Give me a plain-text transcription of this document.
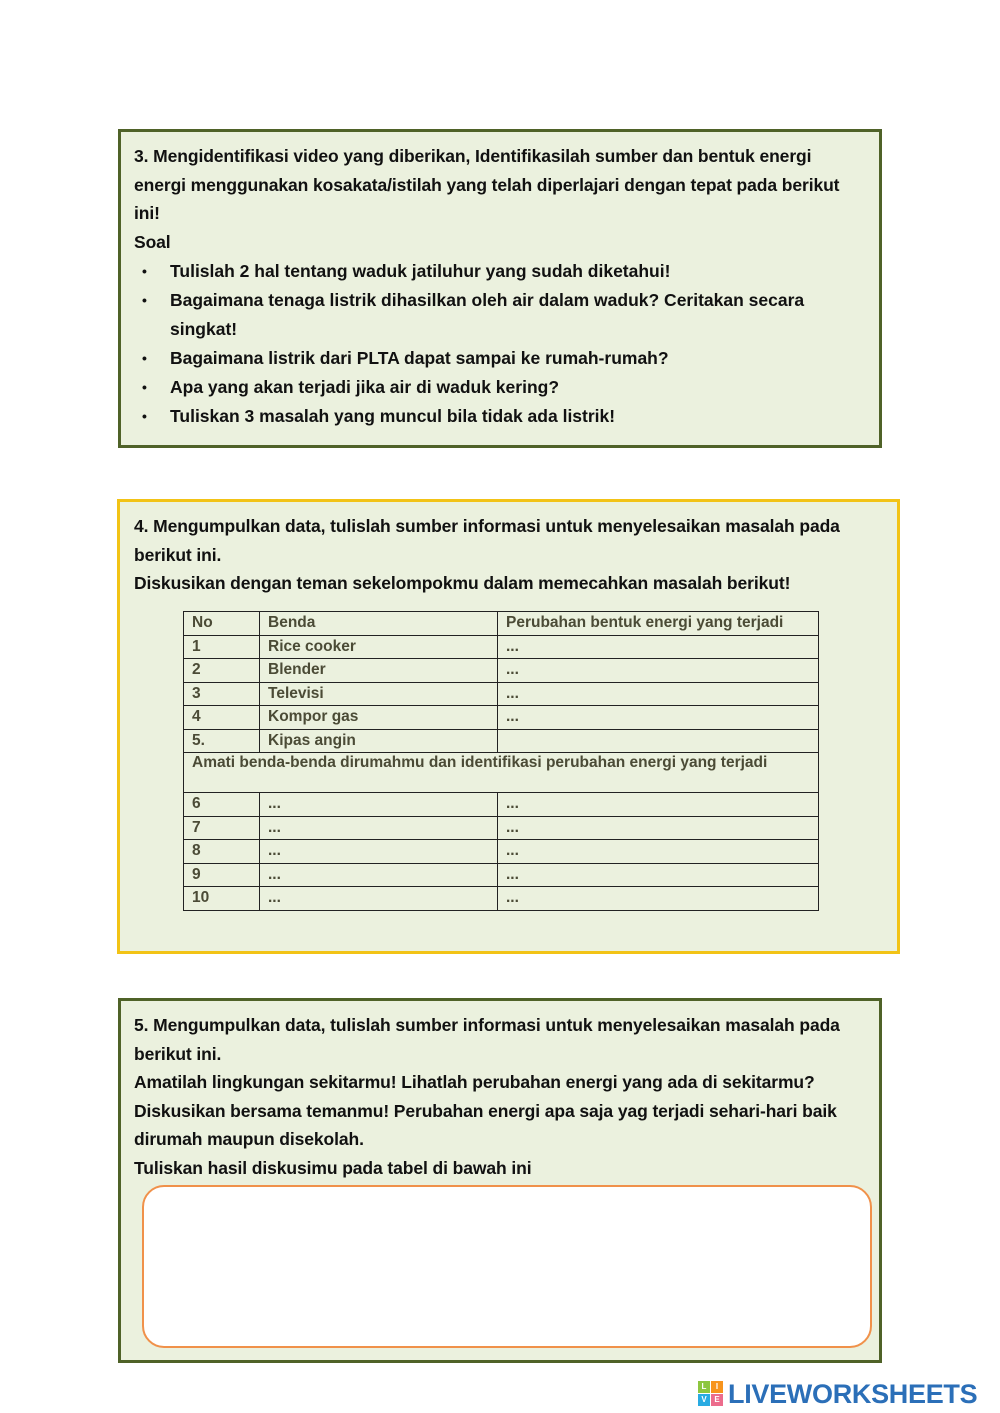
3. Mengidentifikasi video yang diberikan, Identifikasilah sumber dan bentuk energi
energi menggunakan kosakata/istilah yang telah diperlajari dengan tepat pada berikut
ini!
Soal
• Tulislah 2 hal tentang waduk jatiluhur yang sudah diketahui!
• Bagaimana tenaga listrik dihasilkan oleh air dalam waduk? Ceritakan secara singkat!
• Bagaimana listrik dari PLTA dapat sampai ke rumah-rumah?
• Apa yang akan terjadi jika air di waduk kering?
• Tuliskan 3 masalah yang muncul bila tidak ada listrik!
4. Mengumpulkan data, tulislah sumber informasi untuk menyelesaikan masalah pada
berikut ini.
Diskusikan dengan teman sekelompokmu dalam memecahkan masalah berikut!
No	Benda	Perubahan bentuk energi yang terjadi
1	Rice cooker	...
2	Blender	...
3	Televisi	...
4	Kompor gas	...
5.	Kipas angin	
Amati benda-benda dirumahmu dan identifikasi perubahan energi yang terjadi		
6	...	...
7	...	...
8	...	...
9	...	...
10	...	...
5. Mengumpulkan data, tulislah sumber informasi untuk menyelesaikan masalah pada
berikut ini.
Amatilah lingkungan sekitarmu! Lihatlah perubahan energi yang ada di sekitarmu?
Diskusikan bersama temanmu! Perubahan energi apa saja yag terjadi sehari-hari baik
dirumah maupun disekolah.
Tuliskan hasil diskusimu pada tabel di bawah ini
L	I
V E LIVEWORKSHEETS
